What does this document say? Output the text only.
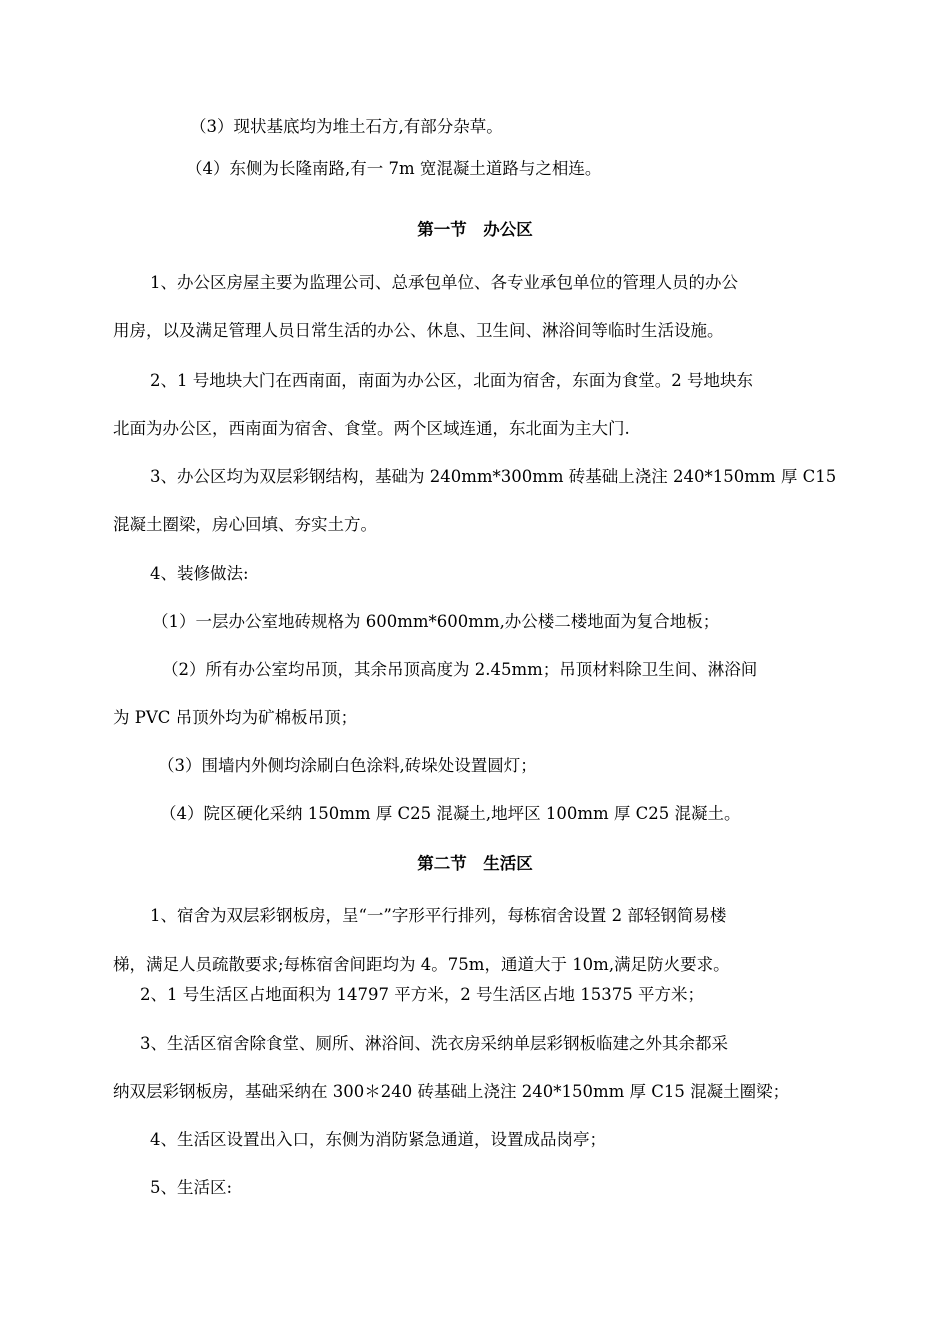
（3）现状基底均为堆土石方,有部分杂草。

（4）东侧为长隆南路,有一 7m 宽混凝土道路与之相连。

第一节　办公区

1、办公区房屋主要为监理公司、总承包单位、各专业承包单位的管理人员的办公

用房，以及满足管理人员日常生活的办公、休息、卫生间、淋浴间等临时生活设施。

2、1 号地块大门在西南面，南面为办公区，北面为宿舍，东面为食堂。2 号地块东

北面为办公区，西南面为宿舍、食堂。两个区域连通，东北面为主大门.

3、办公区均为双层彩钢结构，基础为 240mm*300mm 砖基础上浇注 240*150mm 厚 C15

混凝土圈梁，房心回填、夯实土方。

4、装修做法:

（1）一层办公室地砖规格为 600mm*600mm,办公楼二楼地面为复合地板；

（2）所有办公室均吊顶，其余吊顶高度为 2.45mm；吊顶材料除卫生间、淋浴间

为 PVC 吊顶外均为矿棉板吊顶；

（3）围墙内外侧均涂刷白色涂料,砖垛处设置圆灯；

（4）院区硬化采纳 150mm 厚 C25 混凝土,地坪区 100mm 厚 C25 混凝土。

第二节　生活区

1、宿舍为双层彩钢板房，呈“一”字形平行排列，每栋宿舍设置 2 部轻钢简易楼

梯，满足人员疏散要求;每栋宿舍间距均为 4。75m，通道大于 10m,满足防火要求。

2、1 号生活区占地面积为 14797 平方米，2 号生活区占地 15375 平方米；

3、生活区宿舍除食堂、厕所、淋浴间、洗衣房采纳单层彩钢板临建之外其余都采

纳双层彩钢板房，基础采纳在 300＊240 砖基础上浇注 240*150mm 厚 C15 混凝土圈梁；

4、生活区设置出入口，东侧为消防紧急通道，设置成品岗亭；

5、生活区:
